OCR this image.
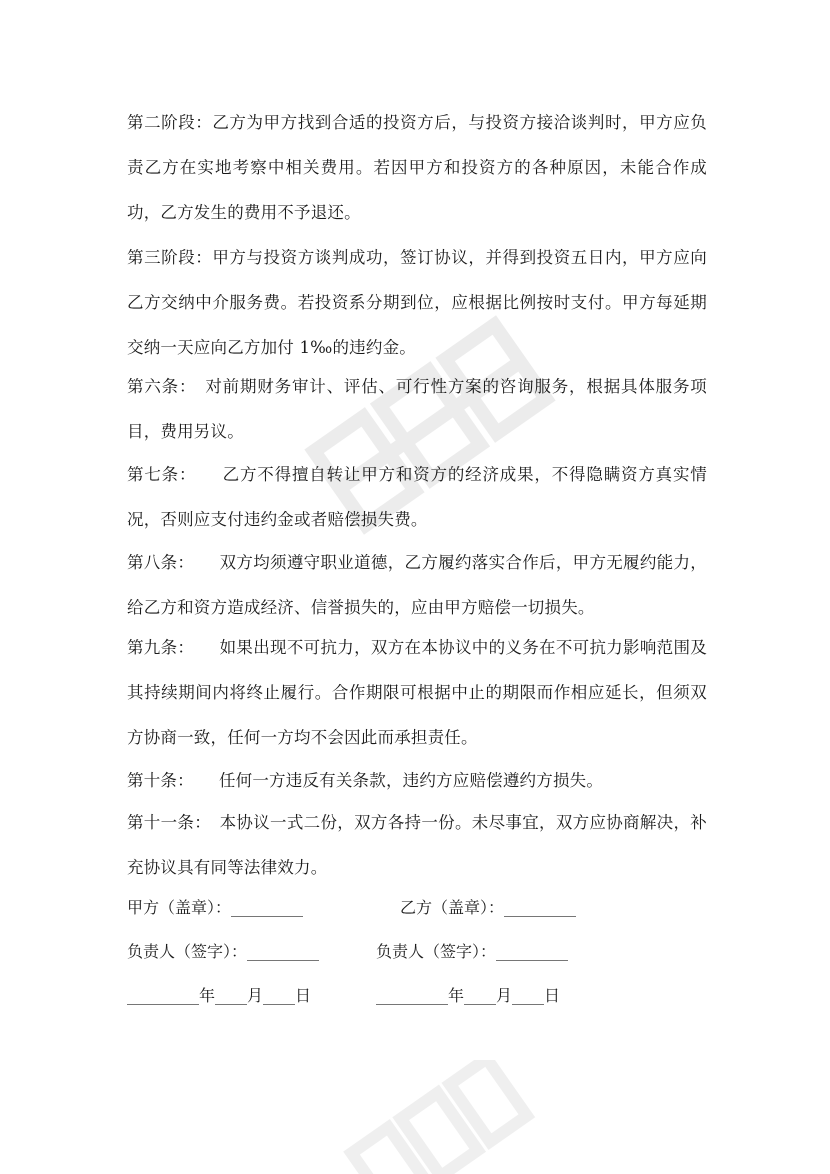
第二阶段：乙方为甲方找到合适的投资方后，与投资方接洽谈判时，甲方应负责乙方在实地考察中相关费用。若因甲方和投资方的各种原因，未能合作成功，乙方发生的费用不予退还。

第三阶段：甲方与投资方谈判成功，签订协议，并得到投资五日内，甲方应向乙方交纳中介服务费。若投资系分期到位，应根据比例按时支付。甲方每延期交纳一天应向乙方加付 1‰的违约金。

第六条：　对前期财务审计、评估、可行性方案的咨询服务，根据具体服务项目，费用另议。

第七条：　　乙方不得擅自转让甲方和资方的经济成果，不得隐瞒资方真实情况，否则应支付违约金或者赔偿损失费。

第八条：　　双方均须遵守职业道德，乙方履约落实合作后，甲方无履约能力，给乙方和资方造成经济、信誉损失的，应由甲方赔偿一切损失。

第九条：　　如果出现不可抗力，双方在本协议中的义务在不可抗力影响范围及其持续期间内将终止履行。合作期限可根据中止的期限而作相应延长，但须双方协商一致，任何一方均不会因此而承担责任。

第十条：　　任何一方违反有关条款，违约方应赔偿遵约方损失。

第十一条：　本协议一式二份，双方各持一份。未尽事宜，双方应协商解决，补充协议具有同等法律效力。

甲方（盖章）：_________	乙方（盖章）：_________
负责人（签字）：_________	负责人（签字）：_________
_________年____月____日	_________年____月____日
